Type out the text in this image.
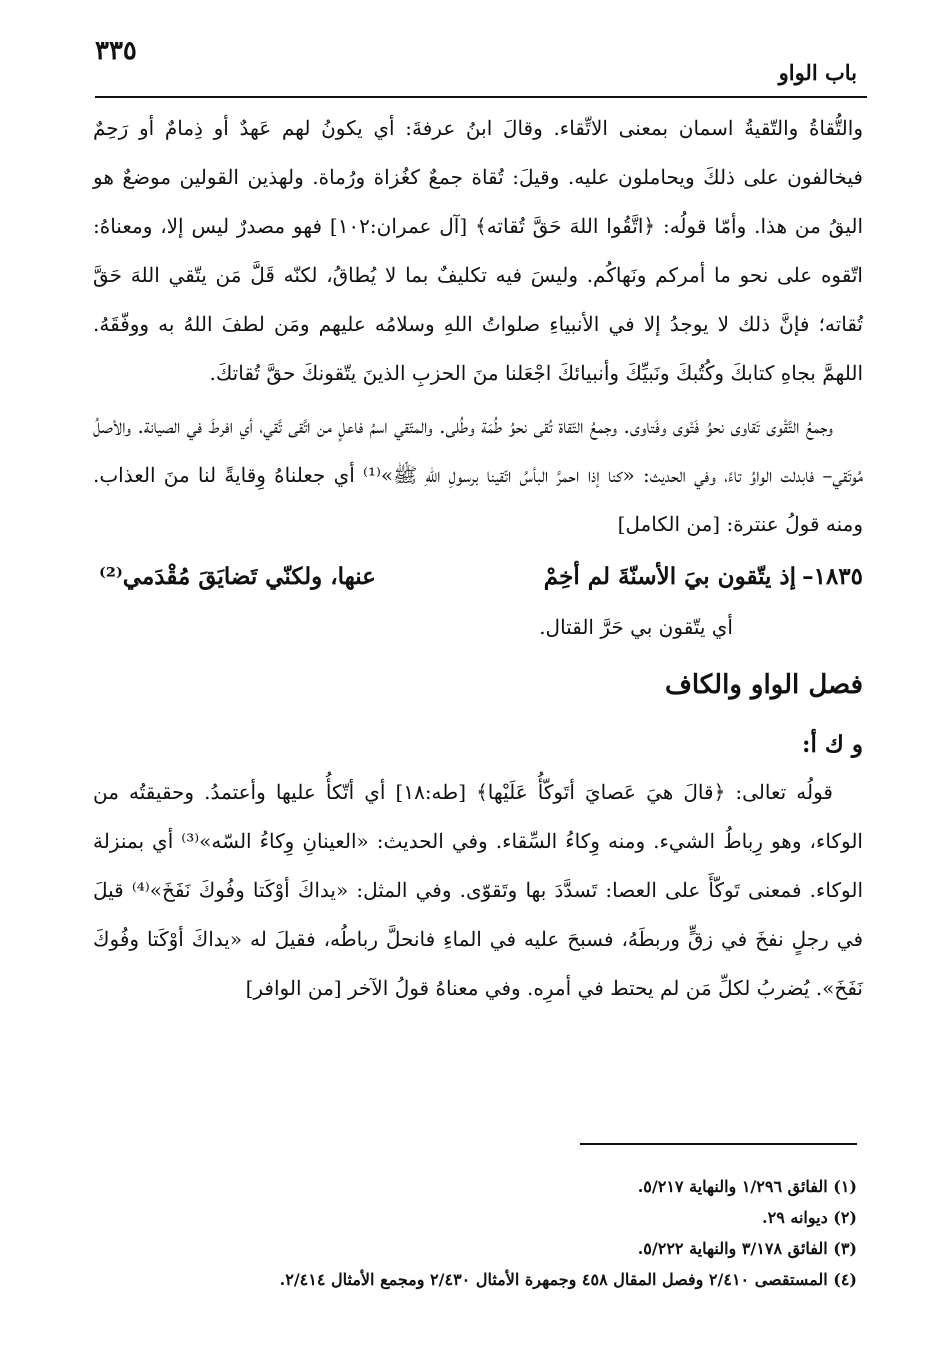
٣٣٥
باب الواو

والتُّقاةُ والتّقيةُ اسمان بمعنى الاتِّقاء. وقالَ ابنُ عرفةَ: أي يكونُ لهم عَهدٌ أو ذِمامٌ أو رَحِمٌ فيخالفون على ذلكَ ويحاملون عليه. وقيلَ: تُقاة جمعٌ كغُزاة ورُماة. ولهذين القولين موضعٌ هو اليقُ من هذا. وأمّا قولُه: ﴿اتَّقُوا اللهَ حَقَّ تُقاته﴾ [آل عمران:١٠٢] فهو مصدرٌ ليس إلا، ومعناهُ: اتّقوه على نحو ما أمركم ونَهاكُم. وليسَ فيه تكليفٌ بما لا يُطاقُ، لكنّه قَلَّ مَن يتّقي اللهَ حَقَّ تُقاته؛ فإنَّ ذلك لا يوجدُ إلا في الأنبياءِ صلواتُ اللهِ وسلامُه عليهم ومَن لطفَ اللهُ به ووفّقَهُ. اللهمَّ بجاهِ كتابكَ وكُتُبكَ ونَبيِّكَ وأنبيائكَ اجْعَلنا منَ الحزبِ الذينَ يتّقونكَ حقَّ تُقاتكَ.

وجمعُ التَّقْوى تَقاوى نحوُ فَتْوى وفَتاوى. وجمعُ التّقاة تُقى نحوُ طُمَة وطُلى. والمتّقي اسمُ فاعلٍ من اتَّقى تَّقي، أي افرطَ في الصيانة. والأصلُ مُوتَقي– فابدلت الواوُ تاءً، وفي الحديث: «كنا إذا احمرَّ البأسُ اتّقينا برسولِ اللهِ ﷺ»⁽¹⁾ أي جعلناهُ وِقايةً لنا منَ العذاب. ومنه قولُ عنترة: [من الكامل]

١٨٣٥–
إذ يتّقون بيَ الأسنّةَ لم أخِمْ
عنها، ولكنّي تَضايَقَ مُقْدَمي⁽²⁾

أي يتّقون بي حَرَّ القتال.

فصل الواو والكاف
و ك أ:

قولُه تعالى: ﴿قالَ هيَ عَصايَ أتَوكّأُ عَلَيْها﴾ [طه:١٨] أي أتّكأُ عليها وأعتمدُ. وحقيقتُه من الوكاء، وهو رِباطُ الشيء. ومنه وِكاءُ السِّقاء. وفي الحديث: «العينانِ وِكاءُ السّه»⁽³⁾ أي بمنزلة الوكاء. فمعنى تَوكّأَ على العصا: تَسدَّدَ بها وتَقوّى. وفي المثل: «يداكَ أوْكَتا وفُوكَ نَفَخَ»⁽⁴⁾ قيلَ في رجلٍ نفخَ في زقٍّ وربطَهُ، فسبحَ عليه في الماءِ فانحلَّ رباطُه، فقيلَ له «يداكَ أوْكَتا وفُوكَ نَفَخَ». يُضربُ لكلِّ مَن لم يحتط في أمرِه. وفي معناهُ قولُ الآخر [من الوافر]

(١) الفائق ١/٢٩٦ والنهاية ٥/٢١٧.

(٢) ديوانه ٢٩.

(٣) الفائق ٣/١٧٨ والنهاية ٥/٢٢٢.

(٤) المستقصى ٢/٤١٠ وفصل المقال ٤٥٨ وجمهرة الأمثال ٢/٤٣٠ ومجمع الأمثال ٢/٤١٤.
